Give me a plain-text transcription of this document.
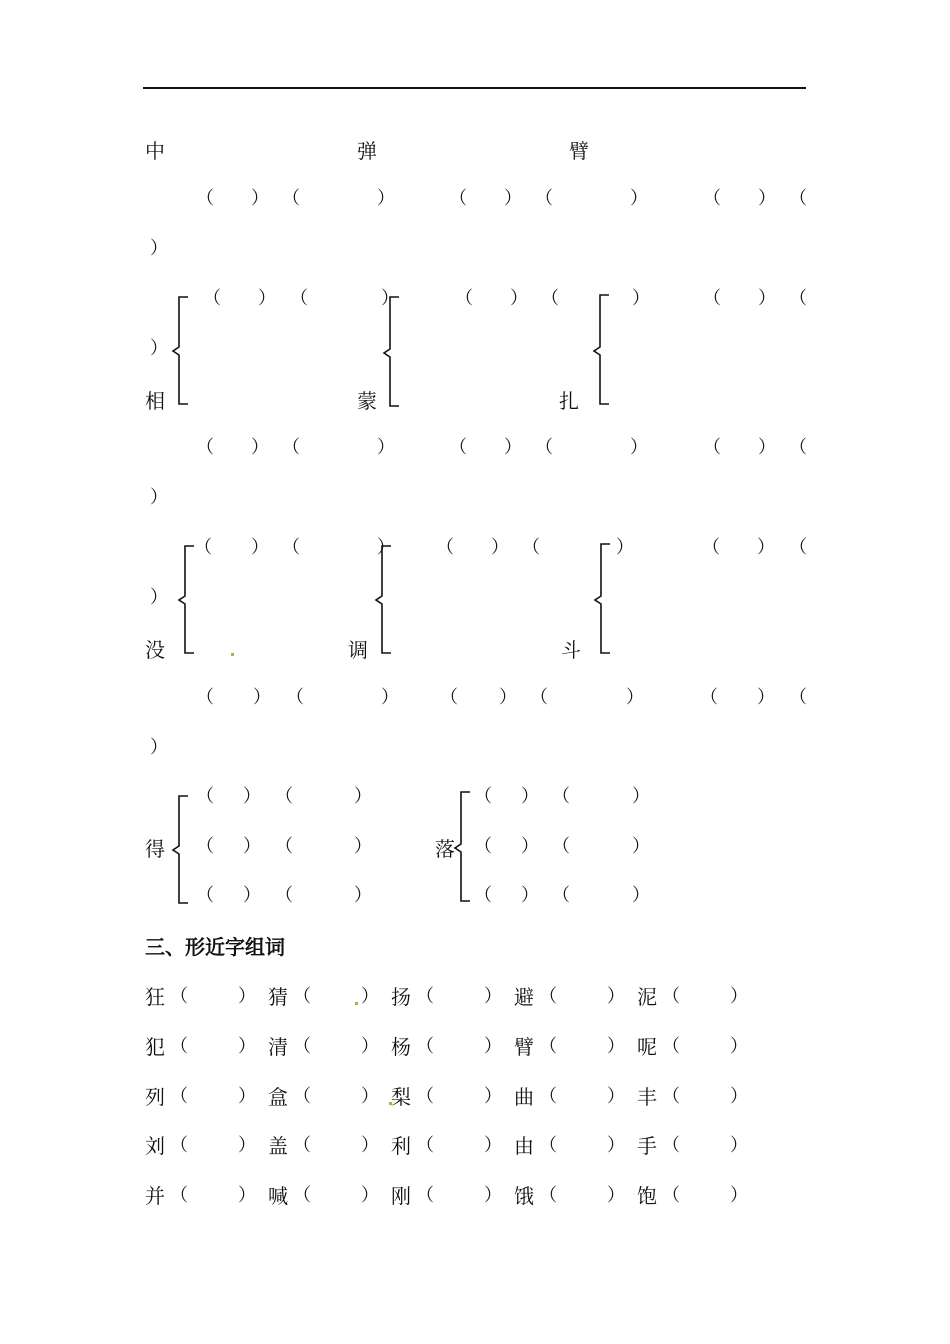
中	弹	臂
相	蒙	扎
没	调	斗
得	落
（ ） （	）	（ ） （	）	（ ） （
）
（ ） （	）	（ ） （	）	（ ） （
）
（ ） （	）	（ ） （	）	（ ） （
）
（ ） （	） （ ） （	）	（ ） （
）
（ ） （	） （ ） （	）	（ ） （
）
（ ） （	）	（ ） （	）
（ ） （	）	（ ） （	）
（ ） （	）	（ ） （	）
三、形近字组词
狂 （	） 猜 （	） 扬 （	） 避 （	） 泥 （	）
犯 （	） 清 （	） 杨 （	） 臂 （	） 呢 （	）
列 （	） 盒 （	） 梨 （	） 曲 （	） 丰 （	）
刘 （	） 盖 （	） 利 （	） 由 （	） 手 （	）
并 （	） 喊 （	） 刚 （	） 饿 （	） 饱 （	）
